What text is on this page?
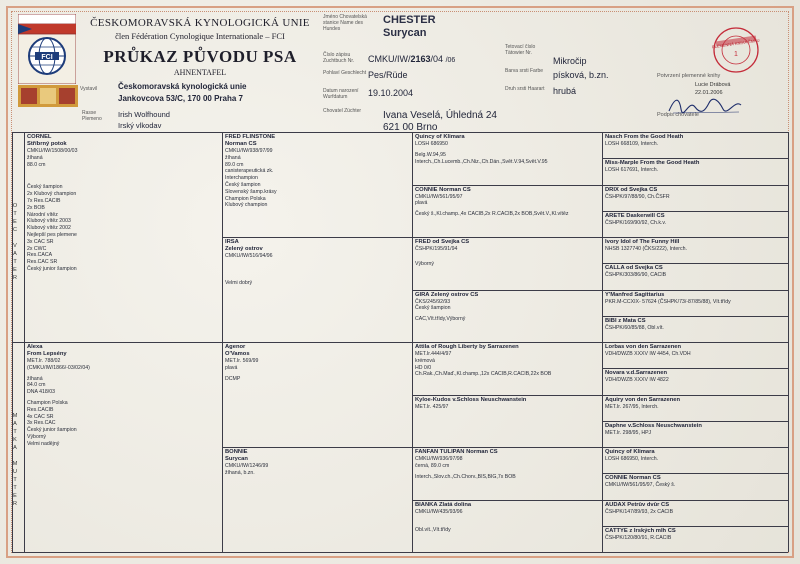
FCI
ČESKOMORAVSKÁ KYNOLOGICKÁ UNIE
člen Fédération Cynologique Internationale – FCI
PRŮKAZ PŮVODU PSA
AHNENTAFEL
Vystavil	Českomoravská kynologická unie
Jankovcova 53/C, 170 00 Praha 7
Rasse
Plemeno Irish Wolfhound
Irský vlkodav
Jméno Chovatelská stanice Name des Hundes
CHESTER
Surycan
Číslo zápisu Zuchtbuch Nr.	CMKU/IW/2163/04 /06
Pohlaví Geschlecht Pes/Rüde
Datum narození Wurfdatum	19.10.2004
Chovatel Züchter	Ivana Veselá, Úhledná 24
621 00 Brno
Tetovací číslo Tätowier Nr.
Mikročip
Barva srsti Farbe	písková, b.zn.
Druh srsti Haarart hrubá
Potvrzení plemenné knihy
Lucie Drábová
22.01.2006
Podpis chovatele
PLEMENNÁ KNIHA ČMKU
1
O
T
E
C

V
A
T
E
R
M
A
T
K
A

M
U
T
T
E
R
CORNEL
Stříbrný potok
CMKU/IW/1508/00/03
žíhaná
88.0 cm
Český šampion
2x Klubový champion
7x Res.CACIB
2x BOB
Národní vítěz
Klubový vítěz 2003
Klubový vítěz 2002
Nejlepší pes plemene
3x CAC SR
2x CWC
Res.CACA
Res.CAC SR
Český junior šampion
Alexa
From Lepsény
MET.Ir. 788/02
(CMKU/IW/1866/-03/02/04)
žíhaná
84.0 cm
DNA 418/03
Champion Polska
Res.CACIB
4x CAC SR
3x Res.CAC
Český junior šampion
Výborný
Velmi nadějný
FRED FLINSTONE
Norman CS
CMKU/IW/938/97/99
žíhaná
89.0 cm
canisterapeutická zk.
Interchampion
Český šampion
Slovenský šamp.krásy
Champion Polska
Klubový champion
IRSA
Zelený ostrov
CMKU/IW/516/94/96
Velmi dobrý
Agenor
O'Vamos
MET.Ir. 569/99
plavá
DCMP
BONNIE
Surycan
CMKU/IW/1246/99
žíhaná, b.zn.
Quincy of Klimara
LOSH 686950
Belg.W.94,95
Interch.,Ch.Lucemb.,Ch.Niz.,Ch.Dán.,Svět.V.94,Svět.V.95
CONNIE Norman CS
CMKU/IW/561/95/97
plavá
Český š.,Kl.champ.,4x CACIB,2x R.CACIB,2x BOB,Svět.V.,Kl.vítěz
FRED od Švejka CS
ČSHPK/195/91/94
Výborný
GIRA Zelený ostrov CS
ČKS/245/92/93
Český šampion
CAC,Vít.třídy,Výborný
Attila of Rough Liberty by Sarrazenen
MET.Ir.444/4/97
krémová
HD 0/0
Ch.Rak.,Ch.Maď.,Kl.champ.,12x CACIB,R.CACIB,22x BOB
Kyloe-Kudos v.Schloss Neuschwanstein
MET.Ir. 425/97
FANFAN TULIPAN Norman CS
CMKU/IW/936/97/98
černá, 89.0 cm
Interch.,Slov.ch.,Ch.Chorv.,BIS,BIG,7x BOB
BIANKA Zlatá dolina
CMKU/IW/435/93/96
Obl.vít.,Vít.třídy
Nasch From the Good Heath
LOSH 668109, Interch.
Miss-Marple From the Good Heath
LOSH 617691, Interch.
DRIX od Švejka CS
ČSHPK/97/88/90, Ch.ČSFR
ARETÉ Daskerwill CS
ČSHPK/169/90/92, Ch.k.v.
Ivory Idol of The Funny Hill
NHSB 1327740 (ČKS/222), Interch.
CALLA od Švejka CS
ČSHPK/303/86/90, CACIB
Y'Manfred Sagittarius
PKR.M-CCXIX- 57624 (ČSHPK/73/-87/85/88), Vít.třídy
BIBI z Mata CS
ČSHPK/60/85/88, Obl.vít.
Lorbas von den Sarrazenen
VDH/DWZB XXXV IW 4454, Ch.VDH
Novara v.d.Sarrazenen
VDH/DWZB XXXV IW 4822
Aquiry von den Sarrazenen
MET.Ir. 267/95, Interch.
Daphne v.Schloss Neuschwanstein
MET.Ir. 298/95, HPJ
Quincy of Klimara
LOSH 686950, Interch.
CONNIE Norman CS
CMKU/IW/561/95/97, Český š.
AUDAX Petrův dvůr CS
ČSHPK/147/89/93, 2x CACIB
CATTYE z Irských mlh CS
ČSHPK/120/80/91, R.CACIB
